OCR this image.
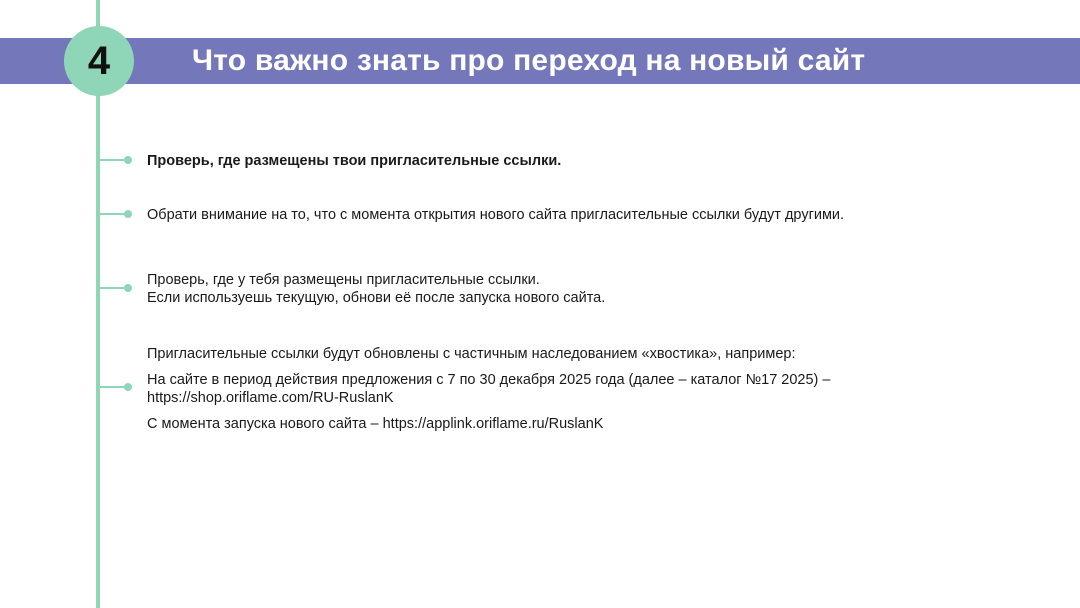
Что важно знать про переход на новый сайт
4
Проверь, где размещены твои пригласительные ссылки.
Обрати внимание на то, что с момента открытия нового сайта пригласительные ссылки будут другими.
Проверь, где у тебя размещены пригласительные ссылки.
Если используешь текущую, обнови её после запуска нового сайта.
Пригласительные ссылки будут обновлены с частичным наследованием «хвостика», например:
На сайте в период действия предложения с 7 по 30 декабря 2025 года (далее – каталог №17 2025) –
https://shop.oriflame.com/RU-RuslanK
С момента запуска нового сайта – https://applink.oriflame.ru/RuslanK
